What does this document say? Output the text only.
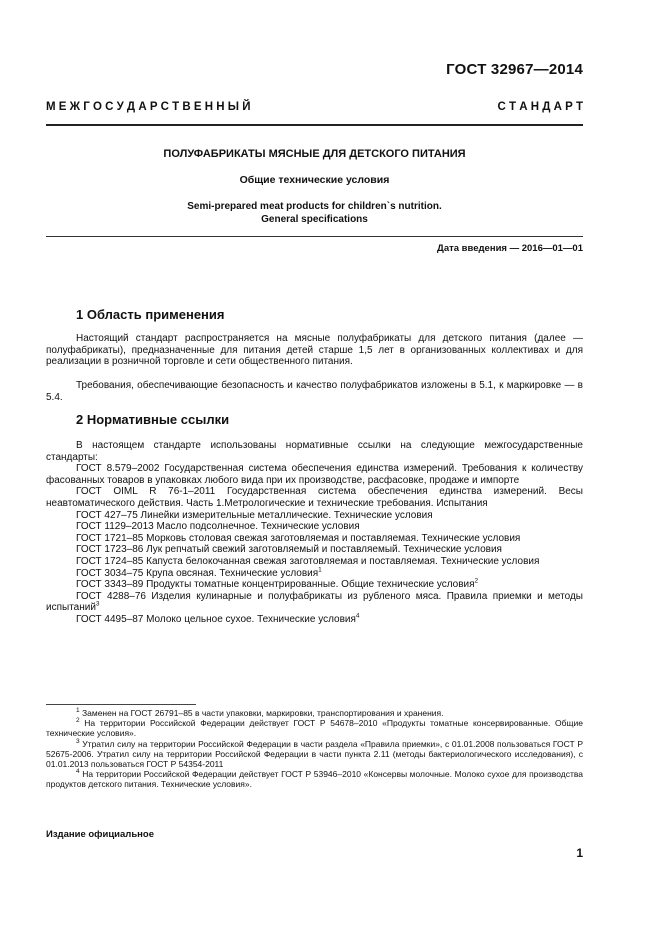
ГОСТ 32967—2014
М Е Ж Г О С У Д А Р С Т В Е Н Н Ы Й	С Т А Н Д А Р Т
ПОЛУФАБРИКАТЫ МЯСНЫЕ ДЛЯ ДЕТСКОГО ПИТАНИЯ
Общие технические условия
Semi-prepared meat products for children`s nutrition.
General specifications
Дата введения — 2016—01—01
1 Область применения
Настоящий стандарт распространяется на мясные полуфабрикаты для детского питания (далее — полуфабрикаты), предназначенные для питания детей старше 1,5 лет в организованных коллективах и для реализации в розничной торговле и сети общественного питания.
Требования, обеспечивающие безопасность и качество полуфабрикатов изложены в 5.1, к маркировке — в 5.4.
2 Нормативные ссылки
В настоящем стандарте использованы нормативные ссылки на следующие межгосударственные стандарты:
ГОСТ 8.579–2002 Государственная система обеспечения единства измерений. Требования к количеству фасованных товаров в упаковках любого вида при их производстве, расфасовке, продаже и импорте
ГОСТ OIML R 76-1–2011 Государственная система обеспечения единства измерений. Весы неавтоматического действия. Часть 1.Метрологические и технические требования. Испытания
ГОСТ 427–75 Линейки измерительные металлические. Технические условия
ГОСТ 1129–2013 Масло подсолнечное. Технические условия
ГОСТ 1721–85 Морковь столовая свежая заготовляемая и поставляемая. Технические условия
ГОСТ 1723–86 Лук репчатый свежий заготовляемый и поставляемый. Технические условия
ГОСТ 1724–85 Капуста белокочанная свежая заготовляемая и поставляемая. Технические условия
ГОСТ 3034–75 Крупа овсяная. Технические условия$^1$
ГОСТ 3343–89 Продукты томатные концентрированные. Общие технические условия$^2$
ГОСТ 4288–76 Изделия кулинарные и полуфабрикаты из рубленого мяса. Правила приемки и методы испытаний$^3$
ГОСТ 4495–87 Молоко цельное сухое. Технические условия$^4$
$^1$ Заменен на ГОСТ 26791–85 в части упаковки, маркировки, транспортирования и хранения.
$^2$ На территории Российской Федерации действует ГОСТ Р 54678–2010 «Продукты томатные консервированные. Общие технические условия».
$^3$ Утратил силу на территории Российской Федерации в части раздела «Правила приемки», с 01.01.2008 пользоваться ГОСТ Р 52675-2006. Утратил силу на территории Российской Федерации в части пункта 2.11 (методы бактериологического исследования), с 01.01.2013 пользоваться ГОСТ Р 54354-2011
$^4$ На территории Российской Федерации действует ГОСТ Р 53946–2010 «Консервы молочные. Молоко сухое для производства продуктов детского питания. Технические условия».
Издание официальное
1
